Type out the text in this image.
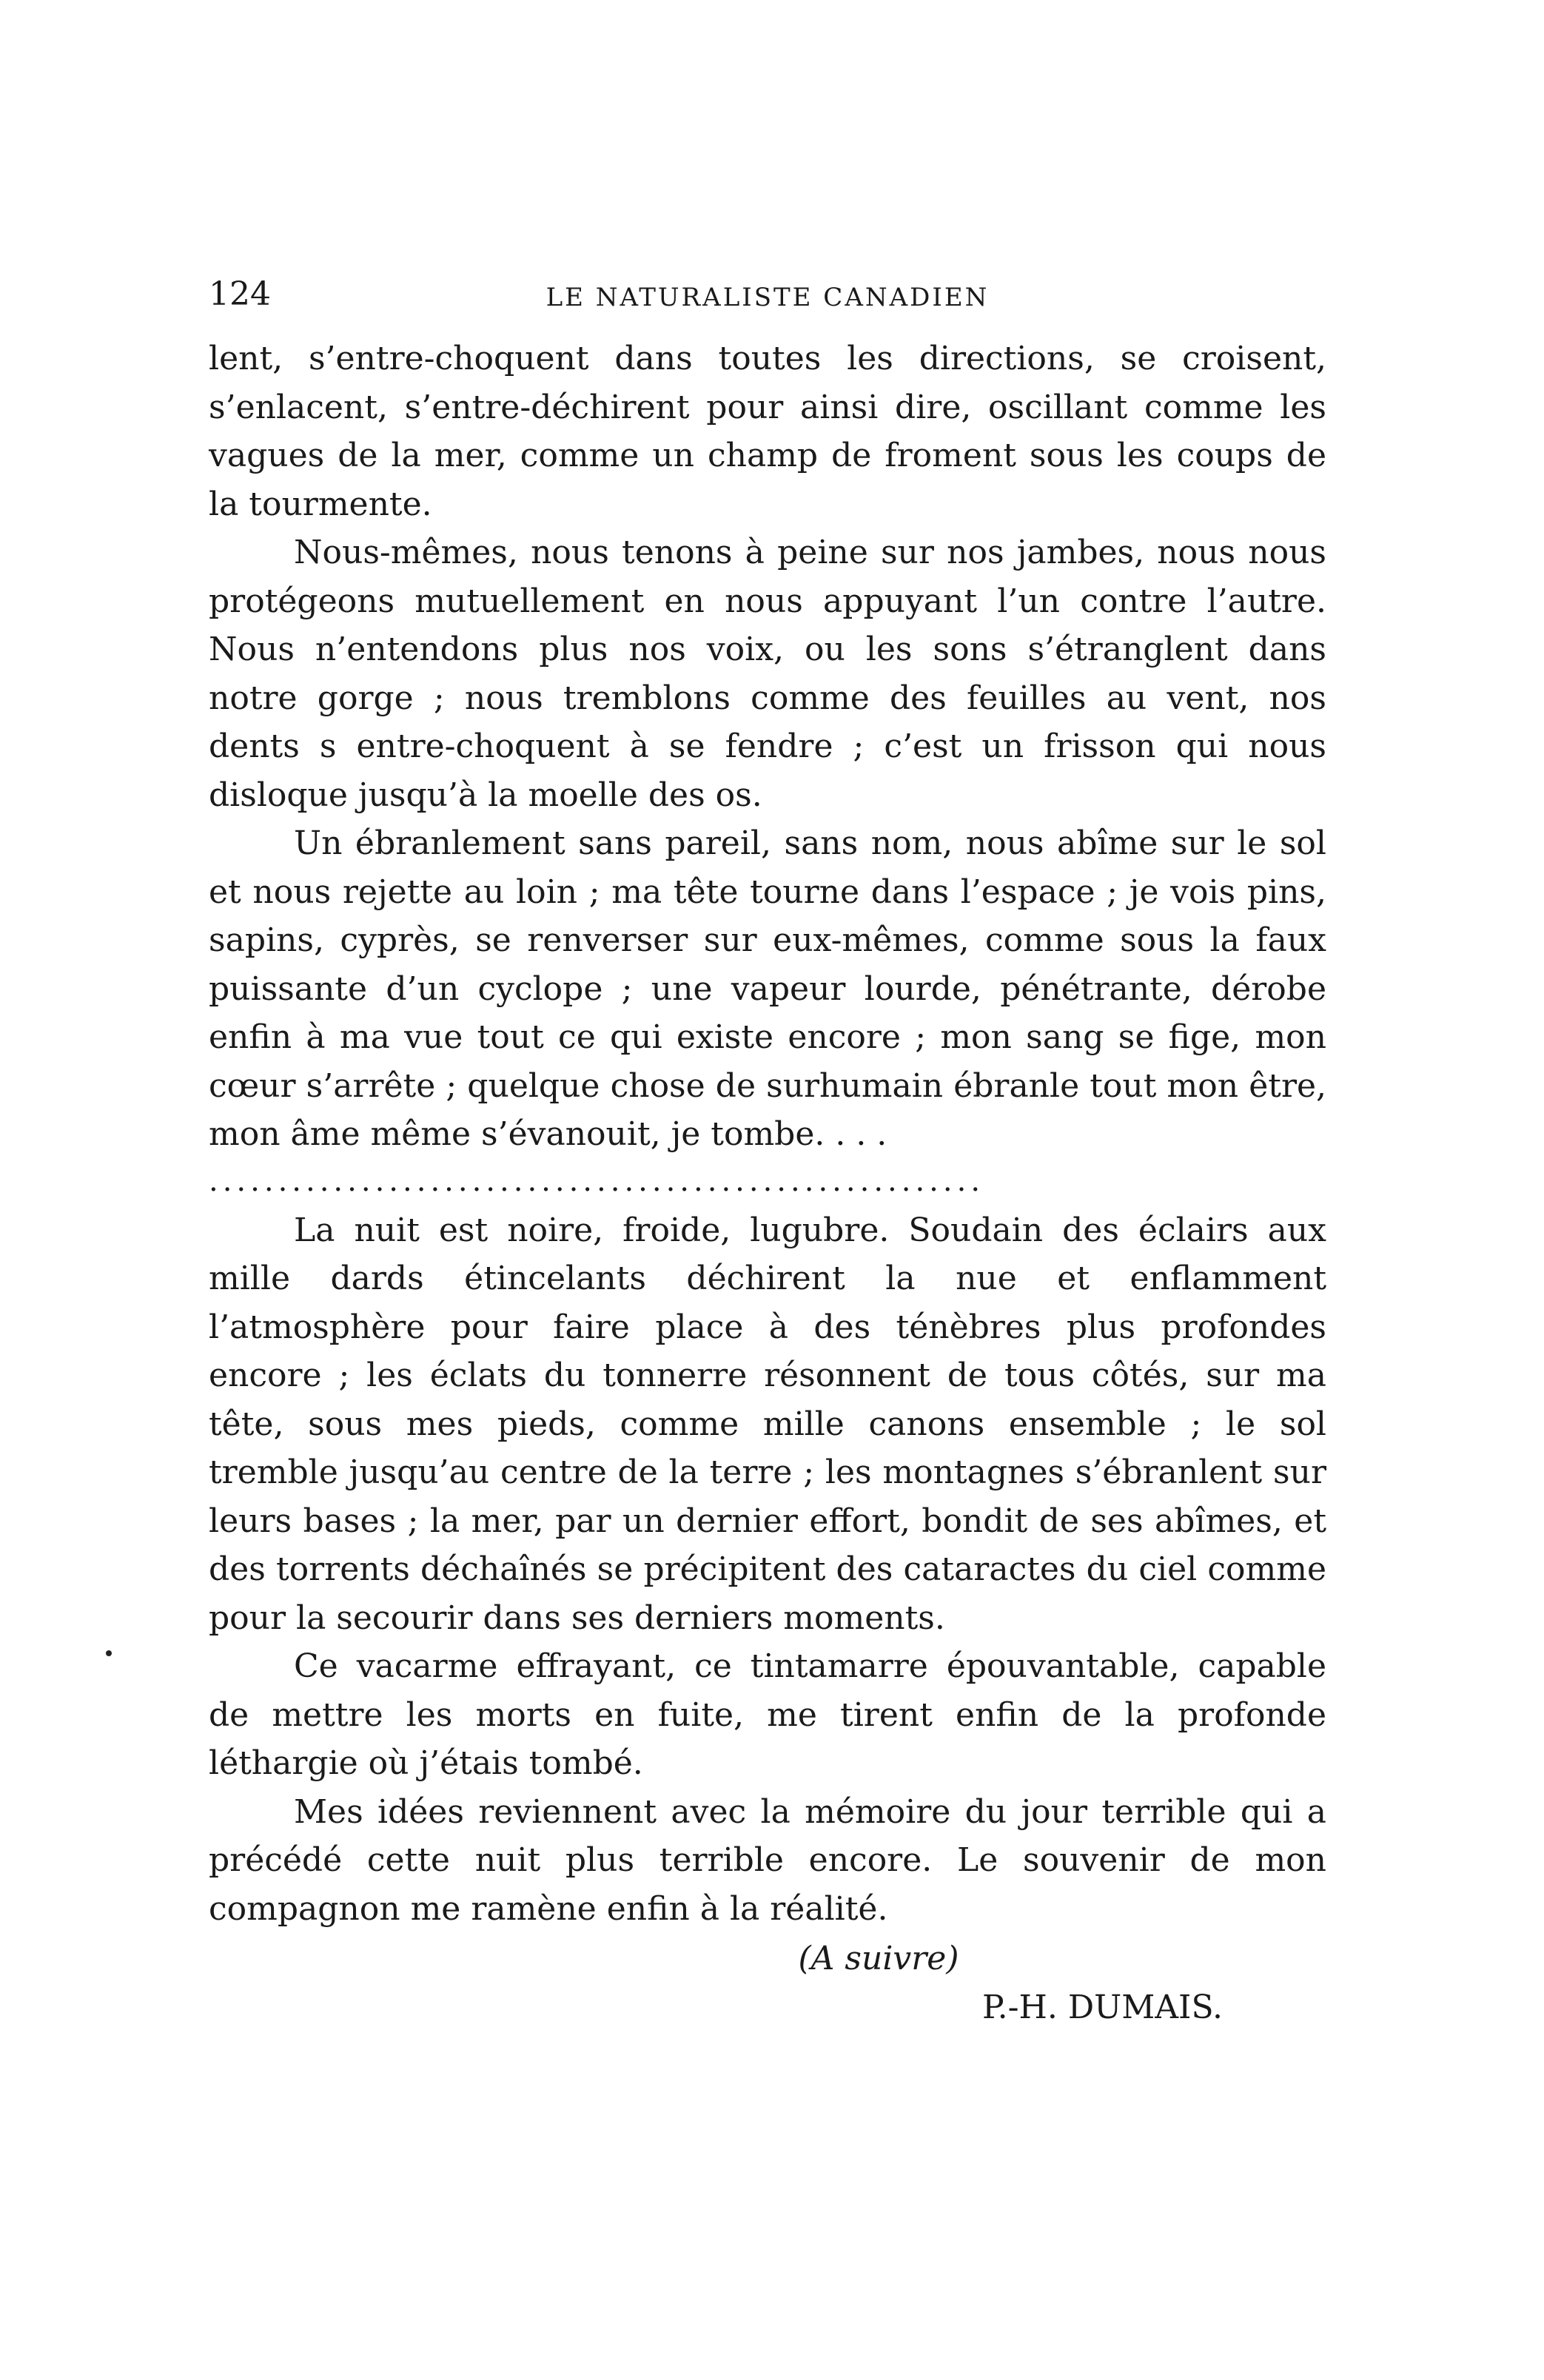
124	LE NATURALISTE CANADIEN

lent, s’entre-choquent dans toutes les directions, se croisent, s’enlacent, s’entre-déchirent pour ainsi dire, oscillant comme les vagues de la mer, comme un champ de froment sous les coups de la tourmente.

Nous-mêmes, nous tenons à peine sur nos jambes, nous nous protégeons mutuellement en nous appuyant l’un contre l’autre. Nous n’entendons plus nos voix, ou les sons s’étranglent dans notre gorge ; nous tremblons comme des feuilles au vent, nos dents s entre-choquent à se fendre ; c’est un frisson qui nous disloque jusqu’à la moelle des os.

Un ébranlement sans pareil, sans nom, nous abîme sur le sol et nous rejette au loin ; ma tête tourne dans l’espace ; je vois pins, sapins, cyprès, se renverser sur eux-mêmes, comme sous la faux puissante d’un cyclope ; une vapeur lourde, pénétrante, dérobe enfin à ma vue tout ce qui existe encore ; mon sang se fige, mon cœur s’arrête ; quelque chose de surhumain ébranle tout mon être, mon âme même s’évanouit, je tombe. . . .

........................................................

La nuit est noire, froide, lugubre. Soudain des éclairs aux mille dards étincelants déchirent la nue et enflamment l’atmosphère pour faire place à des ténèbres plus profondes encore ; les éclats du tonnerre résonnent de tous côtés, sur ma tête, sous mes pieds, comme mille canons ensemble ; le sol tremble jusqu’au centre de la terre ; les montagnes s’ébranlent sur leurs bases ; la mer, par un dernier effort, bondit de ses abîmes, et des torrents déchaînés se précipitent des cataractes du ciel comme pour la secourir dans ses derniers moments.

Ce vacarme effrayant, ce tintamarre épouvantable, capable de mettre les morts en fuite, me tirent enfin de la profonde léthargie où j’étais tombé.

Mes idées reviennent avec la mémoire du jour terrible qui a précédé cette nuit plus terrible encore. Le souvenir de mon compagnon me ramène enfin à la réalité.

(A suivre)
P.-H. DUMAIS.
